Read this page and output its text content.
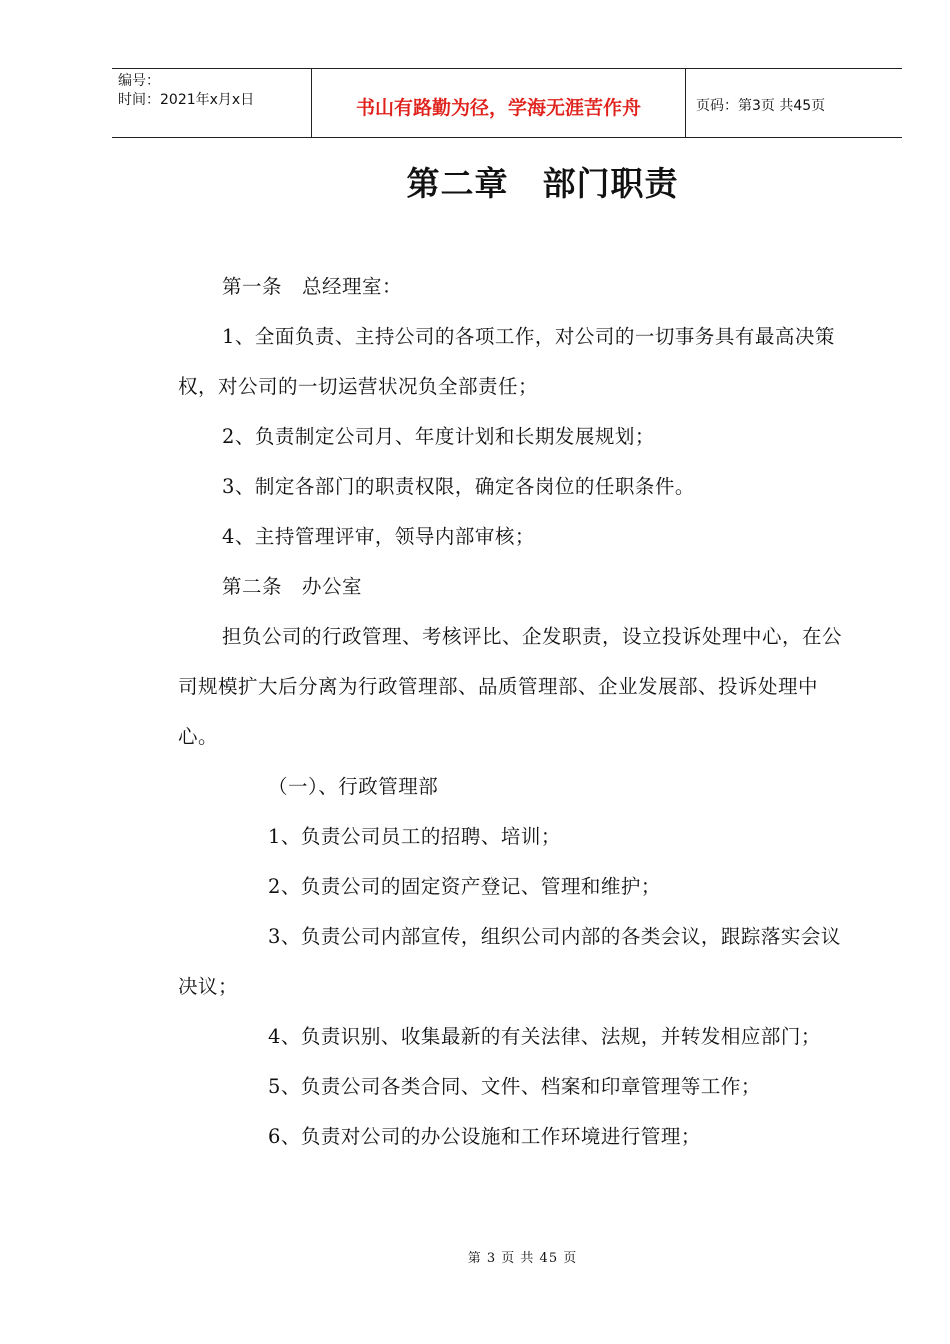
编号：
时间：2021年x月x日	书山有路勤为径，学海无涯苦作舟	页码：第3页 共45页
第二章　部门职责

第一条　总经理室：

1、全面负责、主持公司的各项工作，对公司的一切事务具有最高决策权，对公司的一切运营状况负全部责任；

2、负责制定公司月、年度计划和长期发展规划；

3、制定各部门的职责权限，确定各岗位的任职条件。

4、主持管理评审，领导内部审核；

第二条　办公室

担负公司的行政管理、考核评比、企发职责，设立投诉处理中心，在公司规模扩大后分离为行政管理部、品质管理部、企业发展部、投诉处理中心。

（一）、行政管理部

1、负责公司员工的招聘、培训；

2、负责公司的固定资产登记、管理和维护；

3、负责公司内部宣传，组织公司内部的各类会议，跟踪落实会议决议；

4、负责识别、收集最新的有关法律、法规，并转发相应部门；

5、负责公司各类合同、文件、档案和印章管理等工作；

6、负责对公司的办公设施和工作环境进行管理；

第 3 页 共 45 页
